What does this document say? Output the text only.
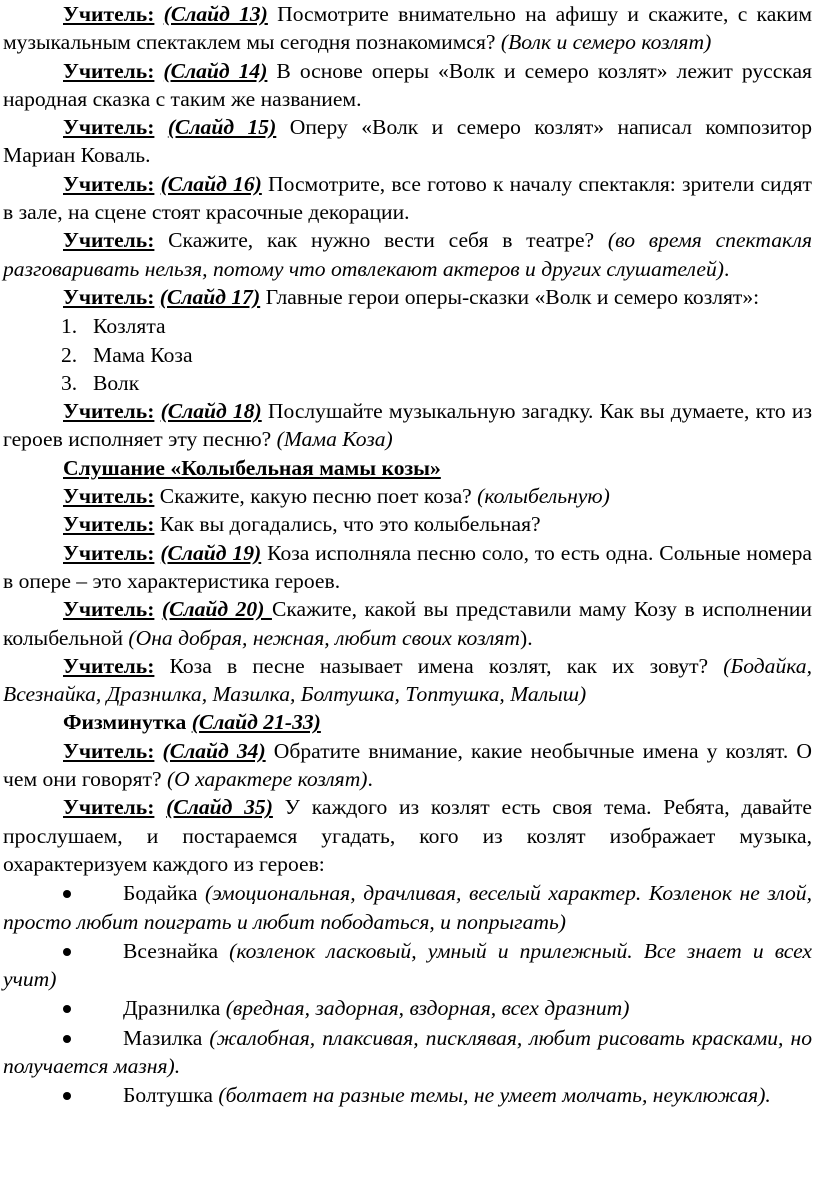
Учитель: (Слайд 13) Посмотрите внимательно на афишу и скажите, с каким музыкальным спектаклем мы сегодня познакомимся? (Волк и семеро козлят)

Учитель: (Слайд 14) В основе оперы «Волк и семеро козлят» лежит русская народная сказка с таким же названием.

Учитель: (Слайд 15) Оперу «Волк и семеро козлят» написал композитор Мариан Коваль.

Учитель: (Слайд 16) Посмотрите, все готово к началу спектакля: зрители сидят в зале, на сцене стоят красочные декорации.

Учитель: Скажите, как нужно вести себя в театре? (во время спектакля разговаривать нельзя, потому что отвлекают актеров и других слушателей).

Учитель: (Слайд 17) Главные герои оперы-сказки «Волк и семеро козлят»:

1. Козлята

2. Мама Коза

3. Волк

Учитель: (Слайд 18) Послушайте музыкальную загадку. Как вы думаете, кто из героев исполняет эту песню? (Мама Коза)

Слушание «Колыбельная мамы козы»

Учитель: Скажите, какую песню поет коза? (колыбельную)

Учитель: Как вы догадались, что это колыбельная?

Учитель: (Слайд 19) Коза исполняла песню соло, то есть одна. Сольные номера в опере – это характеристика героев.

Учитель: (Слайд 20) Скажите, какой вы представили маму Козу в исполнении колыбельной (Она добрая, нежная, любит своих козлят).

Учитель: Коза в песне называет имена козлят, как их зовут? (Бодайка, Всезнайка, Дразнилка, Мазилка, Болтушка, Топтушка, Малыш)

Физминутка (Слайд 21-33)

Учитель: (Слайд 34) Обратите внимание, какие необычные имена у козлят. О чем они говорят? (О характере козлят).

Учитель: (Слайд 35) У каждого из козлят есть своя тема. Ребята, давайте прослушаем, и постараемся угадать, кого из козлят изображает музыка, охарактеризуем каждого из героев:

Бодайка (эмоциональная, драчливая, веселый характер. Козленок не злой, просто любит поиграть и любит пободаться, и попрыгать)

Всезнайка (козленок ласковый, умный и прилежный. Все знает и всех учит)

Дразнилка (вредная, задорная, вздорная, всех дразнит)

Мазилка (жалобная, плаксивая, писклявая, любит рисовать красками, но получается мазня).

Болтушка (болтает на разные темы, не умеет молчать, неуклюжая).
